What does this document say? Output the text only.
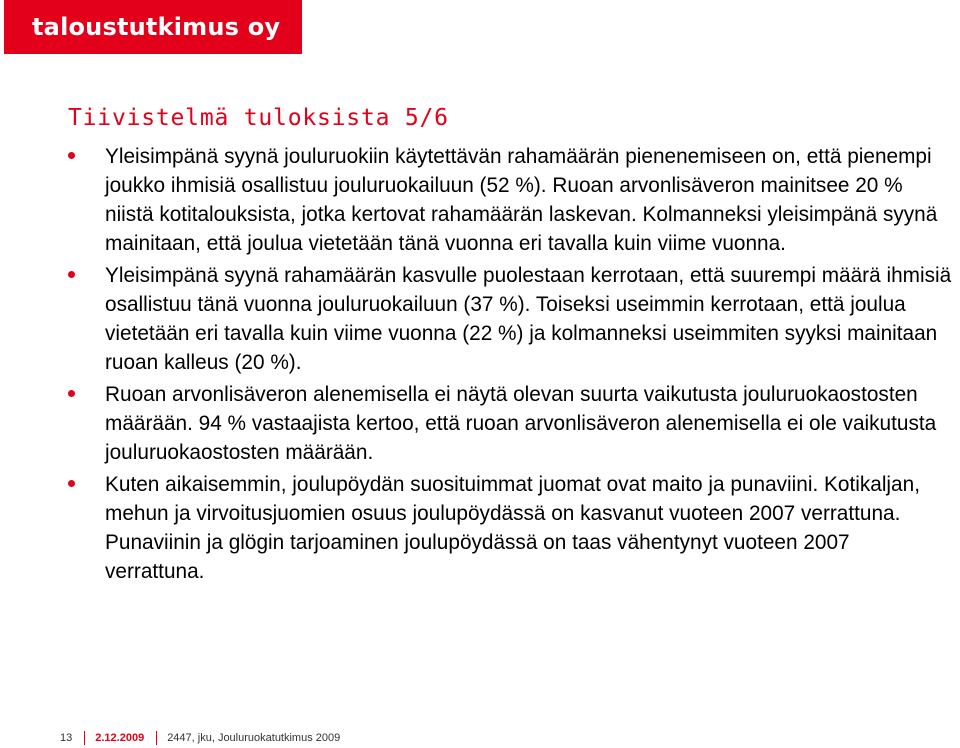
taloustutkimus oy
Tiivistelmä tuloksista 5/6
Yleisimpänä syynä jouluruokiin käytettävän rahamäärän pienenemiseen on, että pienempi joukko ihmisiä osallistuu jouluruokailuun (52 %). Ruoan arvonlisäveron mainitsee 20 % niistä kotitalouksista, jotka kertovat rahamäärän laskevan. Kolmanneksi yleisimpänä syynä mainitaan, että joulua vietetään tänä vuonna eri tavalla kuin viime vuonna.
Yleisimpänä syynä rahamäärän kasvulle puolestaan kerrotaan, että suurempi määrä ihmisiä osallistuu tänä vuonna jouluruokailuun (37 %). Toiseksi useimmin kerrotaan, että joulua vietetään eri tavalla kuin viime vuonna (22 %) ja kolmanneksi useimmiten syyksi mainitaan ruoan kalleus (20 %).
Ruoan arvonlisäveron alenemisella ei näytä olevan suurta vaikutusta jouluruokaostosten määrään. 94 % vastaajista kertoo, että ruoan arvonlisäveron alenemisella ei ole vaikutusta jouluruokaostosten määrään.
Kuten aikaisemmin, joulupöydän suosituimmat juomat ovat maito ja punaviini. Kotikaljan, mehun ja virvoitusjuomien osuus joulupöydässä on kasvanut vuoteen 2007 verrattuna. Punaviinin ja glögin tarjoaminen joulupöydässä on taas vähentynyt vuoteen 2007 verrattuna.
13 2.12.2009 2447, jku, Jouluruokatutkimus 2009
